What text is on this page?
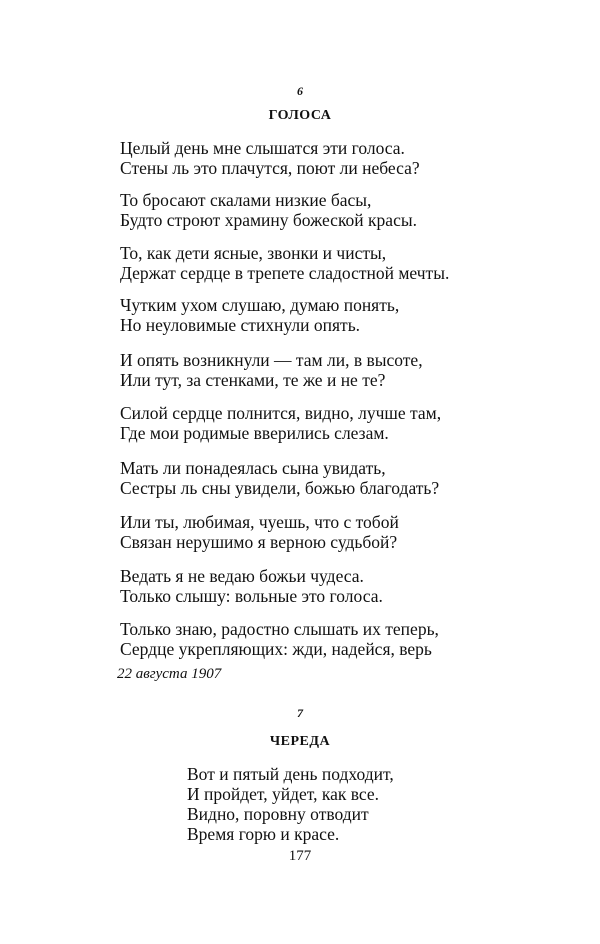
6
ГОЛОСА
Целый день мне слышатся эти голоса.
Стены ль это плачутся, поют ли небеса?
То бросают скалами низкие басы,
Будто строют храмину божеской красы.
То, как дети ясные, звонки и чисты,
Держат сердце в трепете сладостной мечты.
Чутким ухом слушаю, думаю понять,
Но неуловимые стихнули опять.
И опять возникнули — там ли, в высоте,
Или тут, за стенками, те же и не те?
Силой сердце полнится, видно, лучше там,
Где мои родимые вверились слезам.
Мать ли понадеялась сына увидать,
Сестры ль сны увидели, божью благодать?
Или ты, любимая, чуешь, что с тобой
Связан нерушимо я верною судьбой?
Ведать я не ведаю божьи чудеса.
Только слышу: вольные это голоса.
Только знаю, радостно слышать их теперь,
Сердце укрепляющих: жди, надейся, верь
22 августа 1907
7
ЧЕРЕДА
Вот и пятый день подходит,
И пройдет, уйдет, как все.
Видно, поровну отводит
Время горю и красе.
177
